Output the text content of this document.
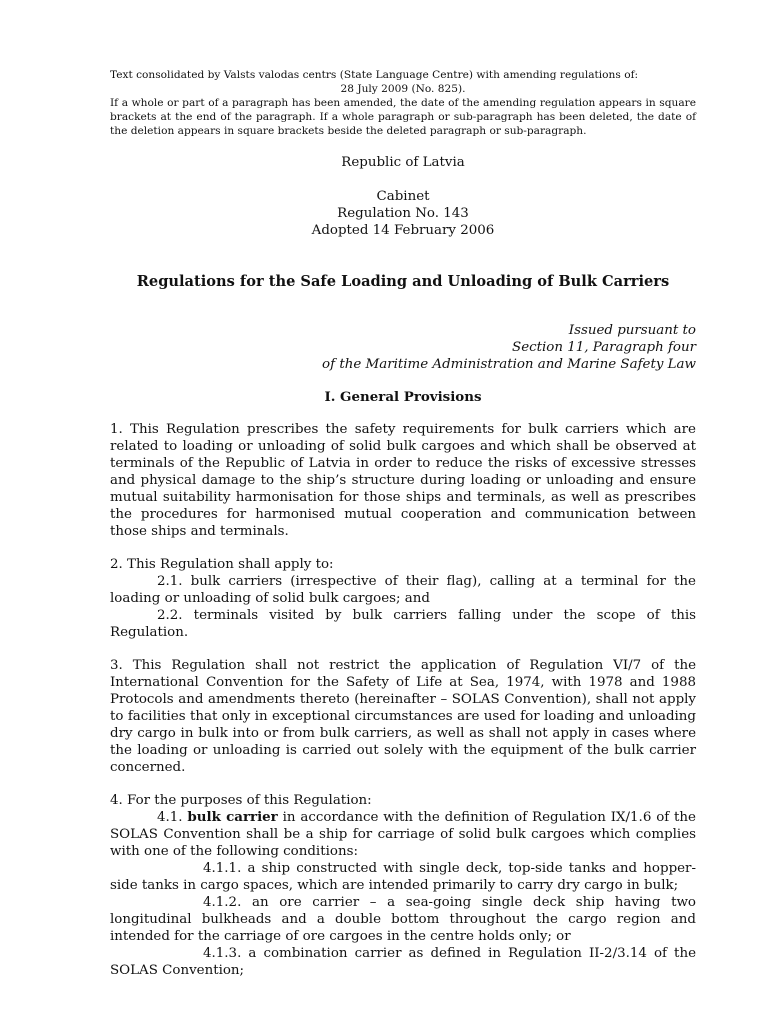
Text consolidated by Valsts valodas centrs (State Language Centre) with amending regulations of:
28 July 2009 (No. 825).
If a whole or part of a paragraph has been amended, the date of the amending regulation appears in square brackets at the end of the paragraph. If a whole paragraph or sub-paragraph has been deleted, the date of the deletion appears in square brackets beside the deleted paragraph or sub-paragraph.
Republic of Latvia
Cabinet
Regulation No. 143
Adopted 14 February 2006
Regulations for the Safe Loading and Unloading of Bulk Carriers
Issued pursuant to
Section 11, Paragraph four
of the Maritime Administration and Marine Safety Law
I. General Provisions

1. This Regulation prescribes the safety requirements for bulk carriers which are related to loading or unloading of solid bulk cargoes and which shall be observed at terminals of the Republic of Latvia in order to reduce the risks of excessive stresses and physical damage to the ship’s structure during loading or unloading and ensure mutual suitability harmonisation for those ships and terminals, as well as prescribes the procedures for harmonised mutual cooperation and communication between those ships and terminals.

2. This Regulation shall apply to:

2.1. bulk carriers (irrespective of their flag), calling at a terminal for the loading or unloading of solid bulk cargoes; and

2.2. terminals visited by bulk carriers falling under the scope of this Regulation.

3. This Regulation shall not restrict the application of Regulation VI/7 of the International Convention for the Safety of Life at Sea, 1974, with 1978 and 1988 Protocols and amendments thereto (hereinafter – SOLAS Convention), shall not apply to facilities that only in exceptional circumstances are used for loading and unloading dry cargo in bulk into or from bulk carriers, as well as shall not apply in cases where the loading or unloading is carried out solely with the equipment of the bulk carrier concerned.

4. For the purposes of this Regulation:

4.1. bulk carrier in accordance with the definition of Regulation IX/1.6 of the SOLAS Convention shall be a ship for carriage of solid bulk cargoes which complies with one of the following conditions:

4.1.1. a ship constructed with single deck, top-side tanks and hopper-side tanks in cargo spaces, which are intended primarily to carry dry cargo in bulk;

4.1.2. an ore carrier – a sea-going single deck ship having two longitudinal bulkheads and a double bottom throughout the cargo region and intended for the carriage of ore cargoes in the centre holds only; or

4.1.3. a combination carrier as defined in Regulation II-2/3.14 of the SOLAS Convention;
